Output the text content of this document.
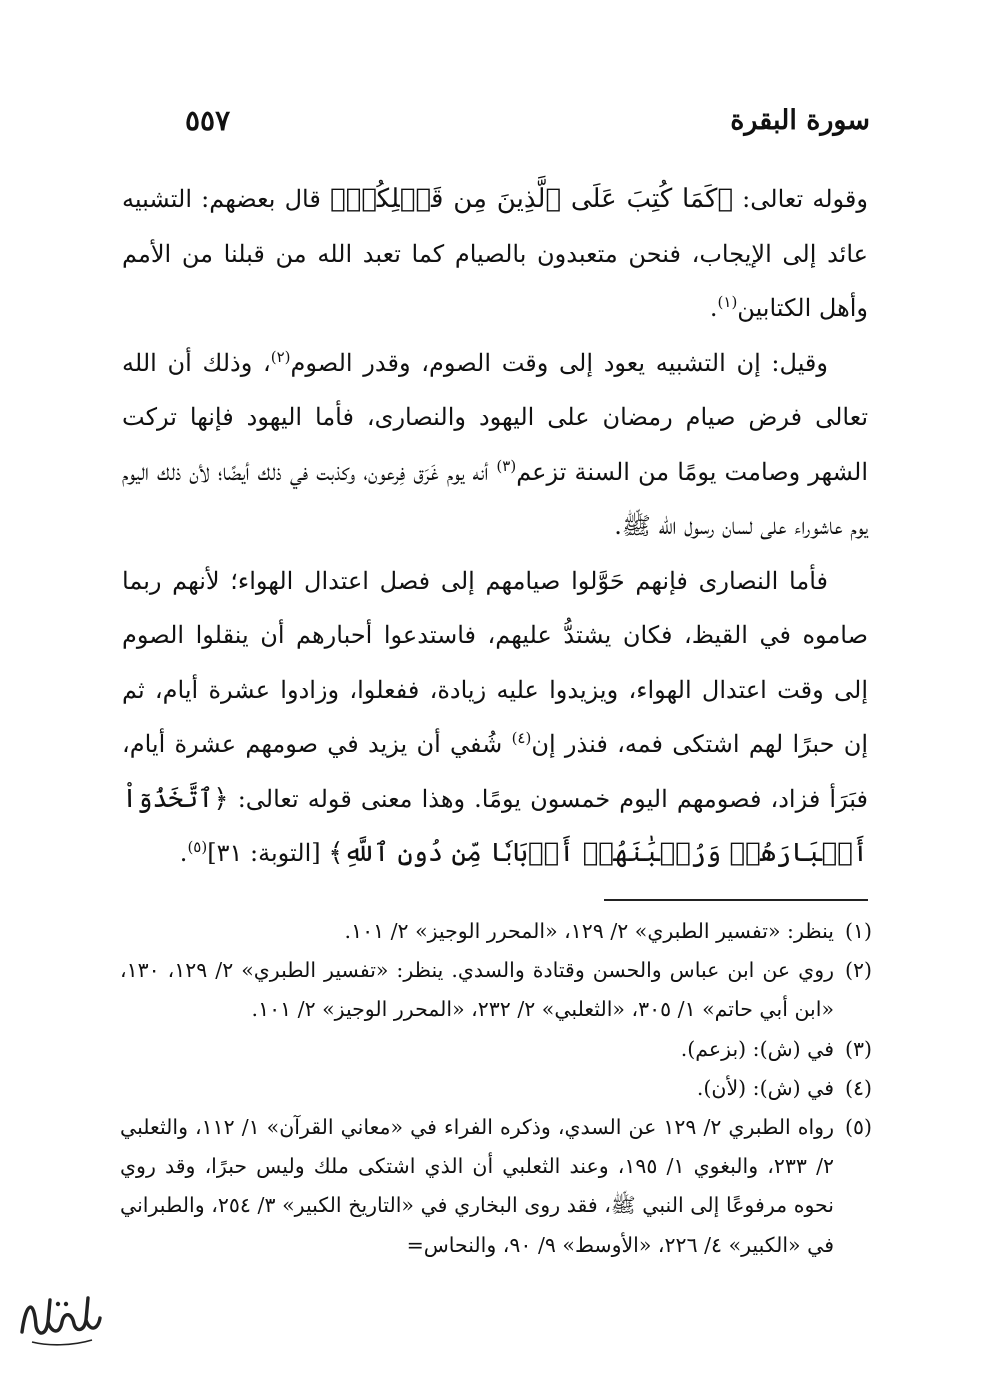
سورة البقرة
٥٥٧

وقوله تعالى: ﴿كَمَا كُتِبَ عَلَى ٱلَّذِينَ مِن قَبۡلِكُمۡ﴾ قال بعضهم: التشبيه عائد إلى الإيجاب، فنحن متعبدون بالصيام كما تعبد الله من قبلنا من الأمم وأهل الكتابين$^{(١)}$.

وقيل: إن التشبيه يعود إلى وقت الصوم، وقدر الصوم$^{(٢)}$، وذلك أن الله تعالى فرض صيام رمضان على اليهود والنصارى، فأما اليهود فإنها تركت الشهر وصامت يومًا من السنة تزعم$^{(٣)}$ أنه يوم غَرَق فِرعون، وكذبت في ذلك أيضًا؛ لأن ذلك اليوم يوم عاشوراء على لسان رسول الله ﷺ.

فأما النصارى فإنهم حَوَّلوا صيامهم إلى فصل اعتدال الهواء؛ لأنهم ربما صاموه في القيظ، فكان يشتدُّ عليهم، فاستدعوا أحبارهم أن ينقلوا الصوم إلى وقت اعتدال الهواء، ويزيدوا عليه زيادة، ففعلوا، وزادوا عشرة أيام، ثم إن حبرًا لهم اشتكى فمه، فنذر إن$^{(٤)}$ شُفي أن يزيد في صومهم عشرة أيام، فبَرَأ فزاد، فصومهم اليوم خمسون يومًا. وهذا معنى قوله تعالى: ﴿ٱتَّخَذُوٓاْ أَحۡبَارَهُمۡ وَرُهۡبَٰنَهُمۡ أَرۡبَابٗا مِّن دُونِ ٱللَّهِ﴾ [التوبة: ٣١]$^{(٥)}$.

(١)
ينظر: «تفسير الطبري» ٢/ ١٢٩، «المحرر الوجيز» ٢/ ١٠١.
(٢)
روي عن ابن عباس والحسن وقتادة والسدي. ينظر: «تفسير الطبري» ٢/ ١٢٩، ١٣٠، «ابن أبي حاتم» ١/ ٣٠٥، «الثعلبي» ٢/ ٢٣٢، «المحرر الوجيز» ٢/ ١٠١.
(٣)
في (ش): (بزعم).
(٤)
في (ش): (لأن).
(٥)
رواه الطبري ٢/ ١٢٩ عن السدي، وذكره الفراء في «معاني القرآن» ١/ ١١٢، والثعلبي ٢/ ٢٣٣، والبغوي ١/ ١٩٥، وعند الثعلبي أن الذي اشتكى ملك وليس حبرًا، وقد روي نحوه مرفوعًا إلى النبي ﷺ، فقد روى البخاري في «التاريخ الكبير» ٣/ ٢٥٤، والطبراني في «الكبير» ٤/ ٢٢٦، «الأوسط» ٩/ ٩٠، والنحاس=
